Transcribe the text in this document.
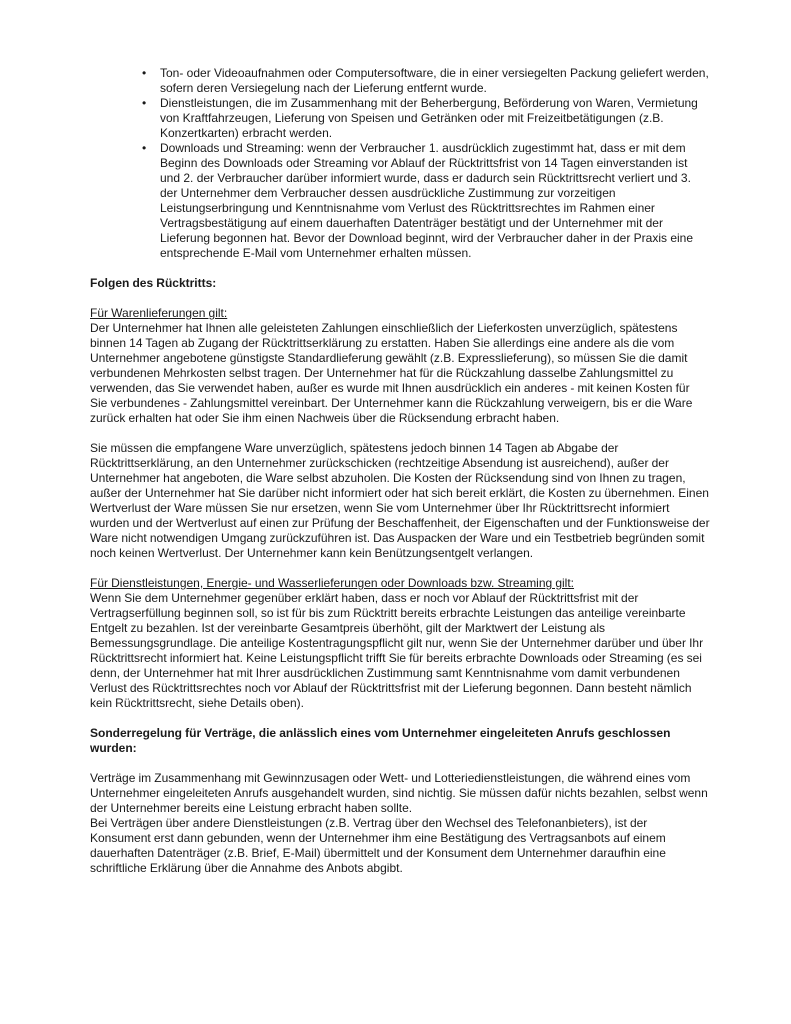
• Ton- oder Videoaufnahmen oder Computersoftware, die in einer versiegelten Packung geliefert werden, sofern deren Versiegelung nach der Lieferung entfernt wurde.
• Dienstleistungen, die im Zusammenhang mit der Beherbergung, Beförderung von Waren, Vermietung von Kraftfahrzeugen, Lieferung von Speisen und Getränken oder mit Freizeitbetätigungen (z.B. Konzertkarten) erbracht werden.
• Downloads und Streaming: wenn der Verbraucher 1. ausdrücklich zugestimmt hat, dass er mit dem Beginn des Downloads oder Streaming vor Ablauf der Rücktrittsfrist von 14 Tagen einverstanden ist und 2. der Verbraucher darüber informiert wurde, dass er dadurch sein Rücktrittsrecht verliert und 3. der Unternehmer dem Verbraucher dessen ausdrückliche Zustimmung zur vorzeitigen Leistungserbringung und Kenntnisnahme vom Verlust des Rücktrittsrechtes im Rahmen einer Vertragsbestätigung auf einem dauerhaften Datenträger bestätigt und der Unternehmer mit der Lieferung begonnen hat. Bevor der Download beginnt, wird der Verbraucher daher in der Praxis eine entsprechende E-Mail vom Unternehmer erhalten müssen.

Folgen des Rücktritts:

Für Warenlieferungen gilt:

Der Unternehmer hat Ihnen alle geleisteten Zahlungen einschließlich der Lieferkosten unverzüglich, spätestens binnen 14 Tagen ab Zugang der Rücktrittserklärung zu erstatten. Haben Sie allerdings eine andere als die vom Unternehmer angebotene günstigste Standardlieferung gewählt (z.B. Expresslieferung), so müssen Sie die damit verbundenen Mehrkosten selbst tragen. Der Unternehmer hat für die Rückzahlung dasselbe Zahlungsmittel zu verwenden, das Sie verwendet haben, außer es wurde mit Ihnen ausdrücklich ein anderes - mit keinen Kosten für Sie verbundenes - Zahlungsmittel vereinbart. Der Unternehmer kann die Rückzahlung verweigern, bis er die Ware zurück erhalten hat oder Sie ihm einen Nachweis über die Rücksendung erbracht haben.

Sie müssen die empfangene Ware unverzüglich, spätestens jedoch binnen 14 Tagen ab Abgabe der Rücktrittserklärung, an den Unternehmer zurückschicken (rechtzeitige Absendung ist ausreichend), außer der Unternehmer hat angeboten, die Ware selbst abzuholen. Die Kosten der Rücksendung sind von Ihnen zu tragen, außer der Unternehmer hat Sie darüber nicht informiert oder hat sich bereit erklärt, die Kosten zu übernehmen. Einen Wertverlust der Ware müssen Sie nur ersetzen, wenn Sie vom Unternehmer über Ihr Rücktrittsrecht informiert wurden und der Wertverlust auf einen zur Prüfung der Beschaffenheit, der Eigenschaften und der Funktionsweise der Ware nicht notwendigen Umgang zurückzuführen ist. Das Auspacken der Ware und ein Testbetrieb begründen somit noch keinen Wertverlust. Der Unternehmer kann kein Benützungsentgelt verlangen.

Für Dienstleistungen, Energie- und Wasserlieferungen oder Downloads bzw. Streaming gilt:

Wenn Sie dem Unternehmer gegenüber erklärt haben, dass er noch vor Ablauf der Rücktrittsfrist mit der Vertragserfüllung beginnen soll, so ist für bis zum Rücktritt bereits erbrachte Leistungen das anteilige vereinbarte Entgelt zu bezahlen. Ist der vereinbarte Gesamtpreis überhöht, gilt der Marktwert der Leistung als Bemessungsgrundlage. Die anteilige Kostentragungspflicht gilt nur, wenn Sie der Unternehmer darüber und über Ihr Rücktrittsrecht informiert hat. Keine Leistungspflicht trifft Sie für bereits erbrachte Downloads oder Streaming (es sei denn, der Unternehmer hat mit Ihrer ausdrücklichen Zustimmung samt Kenntnisnahme vom damit verbundenen Verlust des Rücktrittsrechtes noch vor Ablauf der Rücktrittsfrist mit der Lieferung begonnen. Dann besteht nämlich kein Rücktrittsrecht, siehe Details oben).

Sonderregelung für Verträge, die anlässlich eines vom Unternehmer eingeleiteten Anrufs geschlossen wurden:

Verträge im Zusammenhang mit Gewinnzusagen oder Wett- und Lotteriedienstleistungen, die während eines vom Unternehmer eingeleiteten Anrufs ausgehandelt wurden, sind nichtig. Sie müssen dafür nichts bezahlen, selbst wenn der Unternehmer bereits eine Leistung erbracht haben sollte.

Bei Verträgen über andere Dienstleistungen (z.B. Vertrag über den Wechsel des Telefonanbieters), ist der Konsument erst dann gebunden, wenn der Unternehmer ihm eine Bestätigung des Vertragsanbots auf einem dauerhaften Datenträger (z.B. Brief, E-Mail) übermittelt und der Konsument dem Unternehmer daraufhin eine schriftliche Erklärung über die Annahme des Anbots abgibt.
